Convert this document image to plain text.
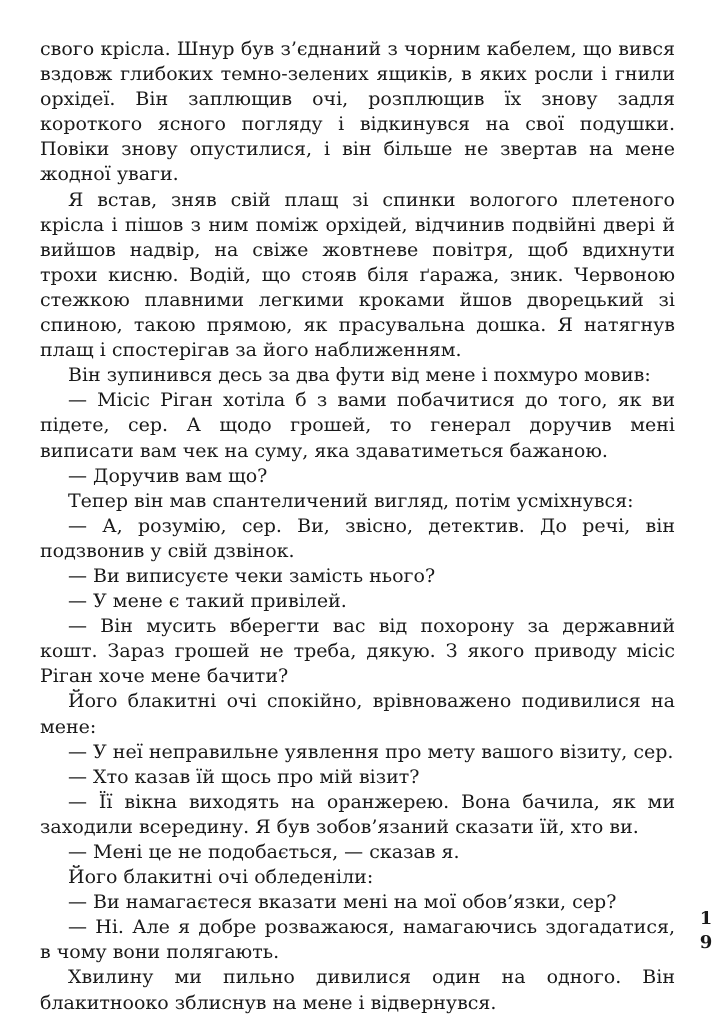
свого крісла. Шнур був з’єднаний з чорним кабелем, що вився вздовж глибоких темно-зелених ящиків, в яких росли і гнили орхідеї. Він заплющив очі, розплющив їх знову задля короткого ясного погляду і відкинувся на свої подушки. Повіки знову опустилися, і він більше не звертав на мене жодної уваги.

Я встав, зняв свій плащ зі спинки вологого плетеного крісла і пішов з ним поміж орхідей, відчинив подвійні двері й вийшов надвір, на свіже жовтневе повітря, щоб вдихнути трохи кисню. Водій, що стояв біля ґаража, зник. Червоною стежкою плавними легкими кроками йшов дворецький зі спиною, такою прямою, як прасувальна дошка. Я натягнув плащ і спостерігав за його наближенням.

Він зупинився десь за два фути від мене і похмуро мовив:

— Місіс Ріган хотіла б з вами побачитися до того, як ви підете, сер. А щодо грошей, то генерал доручив мені виписати вам чек на суму, яка здаватиметься бажаною.

— Доручив вам що?

Тепер він мав спантеличений вигляд, потім усміхнувся:

— А, розумію, сер. Ви, звісно, детектив. До речі, він подзвонив у свій дзвінок.

— Ви виписуєте чеки замість нього?

— У мене є такий привілей.

— Він мусить вберегти вас від похорону за державний кошт. Зараз грошей не треба, дякую. З якого приводу місіс Ріган хоче мене бачити?

Його блакитні очі спокійно, врівноважено подивилися на мене:

— У неї неправильне уявлення про мету вашого візиту, сер.

— Хто казав їй щось про мій візит?

— Її вікна виходять на оранжерею. Вона бачила, як ми заходили всередину. Я був зобов’язаний сказати їй, хто ви.

— Мені це не подобається, — сказав я.

Його блакитні очі обледеніли:

— Ви намагаєтеся вказати мені на мої обов’язки, сер?

— Ні. Але я добре розважаюся, намагаючись здогадатися, в чому вони полягають.

Хвилину ми пильно дивилися один на одного. Він блакитнооко зблиснув на мене і відвернувся.

1
9
